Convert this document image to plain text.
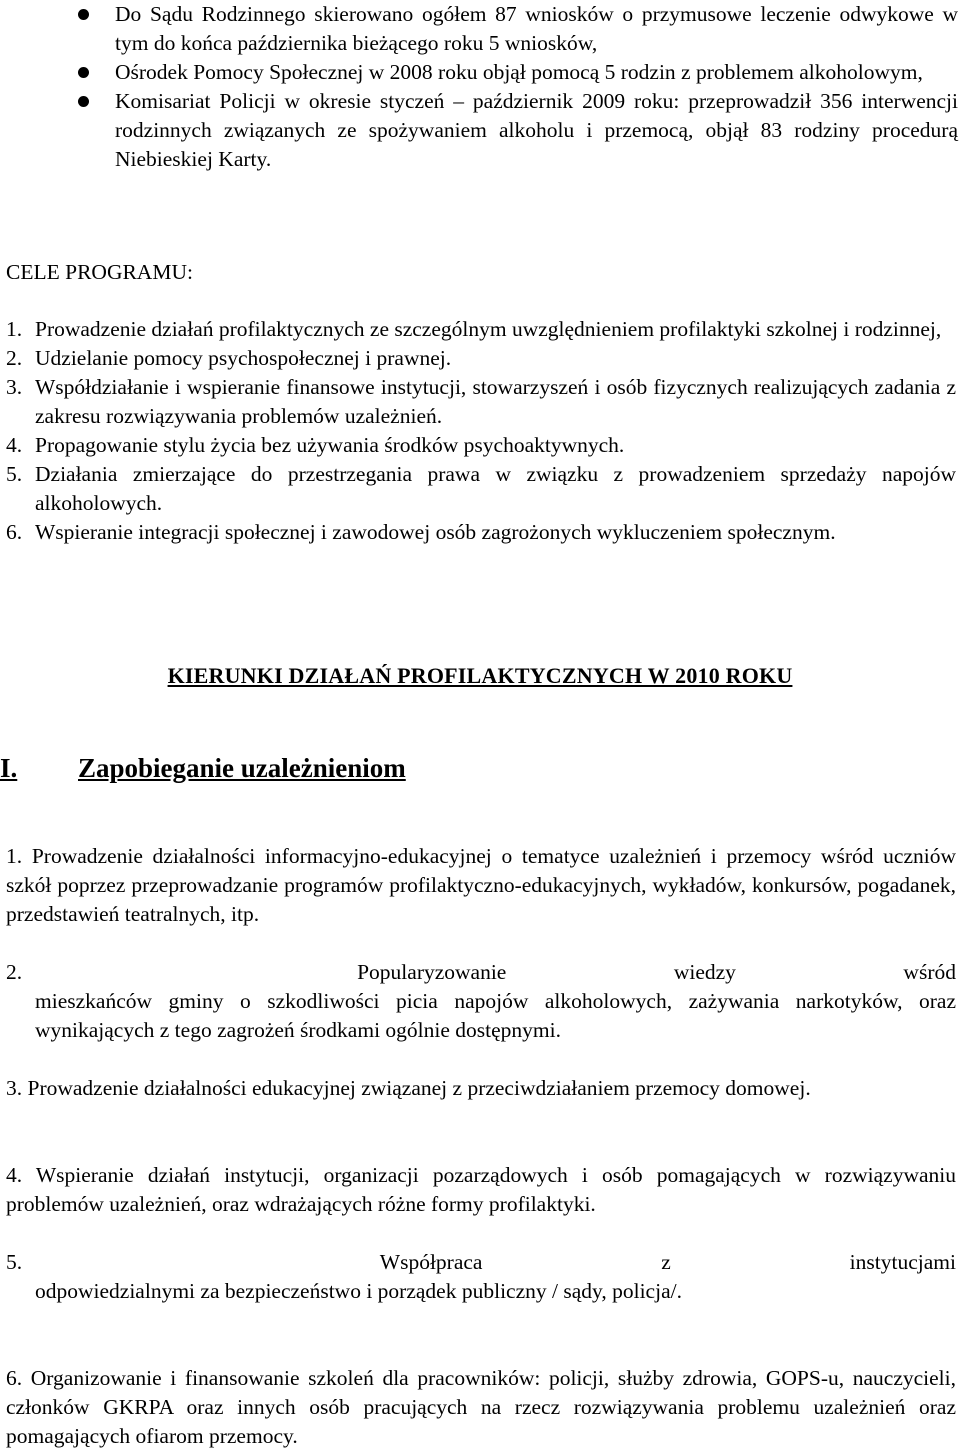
Do Sądu Rodzinnego skierowano ogółem 87 wniosków o przymusowe leczenie odwykowe w tym do końca października bieżącego roku 5 wniosków,
Ośrodek Pomocy Społecznej w 2008 roku objął pomocą 5 rodzin z problemem alkoholowym,
Komisariat Policji w okresie styczeń – październik 2009 roku: przeprowadził 356 interwencji rodzinnych związanych ze spożywaniem alkoholu i przemocą, objął 83 rodziny procedurą Niebieskiej Karty.
CELE PROGRAMU:
1. Prowadzenie działań profilaktycznych ze szczególnym uwzględnieniem profilaktyki szkolnej i rodzinnej,
2. Udzielanie pomocy psychospołecznej i prawnej.
3. Współdziałanie i wspieranie finansowe instytucji, stowarzyszeń i osób fizycznych realizujących zadania z zakresu rozwiązywania problemów uzależnień.
4. Propagowanie stylu życia bez używania środków psychoaktywnych.
5. Działania zmierzające do przestrzegania prawa w związku z prowadzeniem sprzedaży napojów alkoholowych.
6. Wspieranie integracji społecznej i zawodowej osób zagrożonych wykluczeniem społecznym.
KIERUNKI DZIAŁAŃ PROFILAKTYCZNYCH W 2010 ROKU
I. Zapobieganie uzależnieniom

1. Prowadzenie działalności informacyjno-edukacyjnej o tematyce uzależnień i przemocy wśród uczniów szkół poprzez przeprowadzanie programów profilaktyczno-edukacyjnych, wykładów, konkursów, pogadanek, przedstawień teatralnych, itp.

2.	Popularyzowanie	wiedzy	wśród
mieszkańców gminy o szkodliwości picia napojów alkoholowych, zażywania narkotyków, oraz wynikających z tego zagrożeń środkami ogólnie dostępnymi.

3. Prowadzenie działalności edukacyjnej związanej z przeciwdziałaniem przemocy domowej.

4. Wspieranie działań instytucji, organizacji pozarządowych i osób pomagających w rozwiązywaniu problemów uzależnień, oraz wdrażających różne formy profilaktyki.

5.	Współpraca	z	instytucjami
odpowiedzialnymi za bezpieczeństwo i porządek publiczny / sądy, policja/.

6. Organizowanie i finansowanie szkoleń dla pracowników: policji, służby zdrowia, GOPS-u, nauczycieli, członków GKRPA oraz innych osób pracujących na rzecz rozwiązywania problemu uzależnień oraz pomagających ofiarom przemocy.
